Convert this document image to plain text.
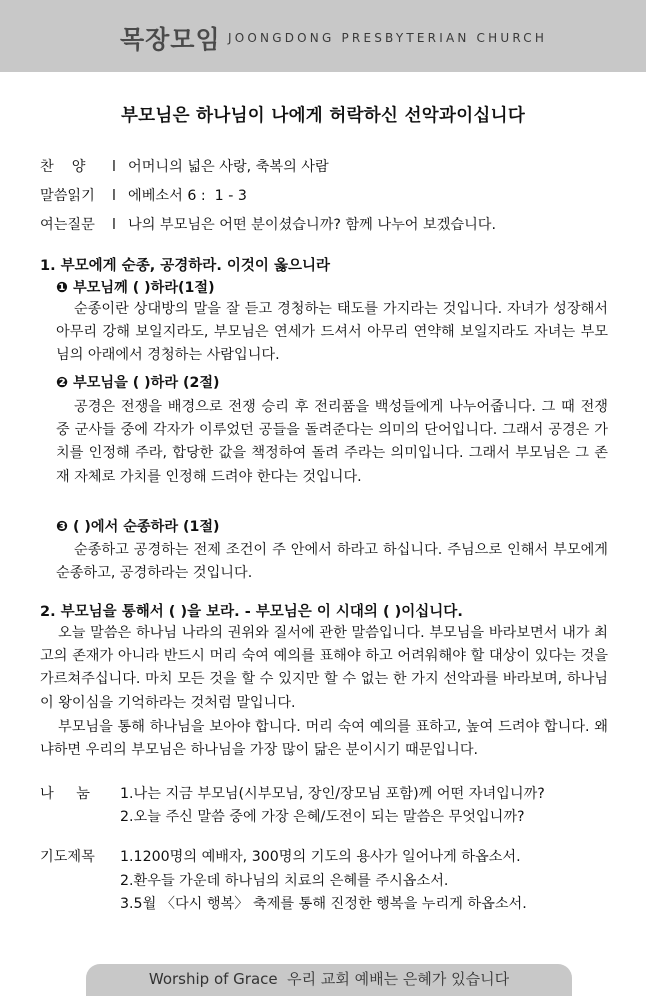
목장모임 JOONGDONG PRESBYTERIAN CHURCH
부모님은 하나님이 나에게 허락하신 선악과이십니다
찬    양 l 어머니의 넓은 사랑, 축복의 사람
말씀읽기 l 에베소서 6 :  1 - 3
여는질문 l 나의 부모님은 어떤 분이셨습니까? 함께 나누어 보겠습니다.
1. 부모에게 순종, 공경하라. 이것이 옳으니라
❶ 부모님께 ( )하라(1절)
순종이란 상대방의 말을 잘 듣고 경청하는 태도를 가지라는 것입니다. 자녀가 성장해서 아무리 강해 보일지라도, 부모님은 연세가 드셔서 아무리 연약해 보일지라도 자녀는 부모님의 아래에서 경청하는 사람입니다.
❷ 부모님을 ( )하라 (2절)
공경은 전쟁을 배경으로 전쟁 승리 후 전리품을 백성들에게 나누어줍니다. 그 때 전쟁 중 군사들 중에 각자가 이루었던 공들을 돌려준다는 의미의 단어입니다. 그래서 공경은 가치를 인정해 주라, 합당한 값을 책정하여 돌려 주라는 의미입니다. 그래서 부모님은 그 존재 자체로 가치를 인정해 드려야 한다는 것입니다.
❸ ( )에서 순종하라 (1절)
순종하고 공경하는 전제 조건이 주 안에서 하라고 하십니다. 주님으로 인해서 부모에게 순종하고, 공경하라는 것입니다.
2. 부모님을 통해서 ( )을 보라. - 부모님은 이 시대의 ( )이십니다.
오늘 말씀은 하나님 나라의 권위와 질서에 관한 말씀입니다. 부모님을 바라보면서 내가 최고의 존재가 아니라 반드시 머리 숙여 예의를 표해야 하고 어려워해야 할 대상이 있다는 것을 가르쳐주십니다. 마치 모든 것을 할 수 있지만 할 수 없는 한 가지 선악과를 바라보며, 하나님이 왕이심을 기억하라는 것처럼 말입니다.
부모님을 통해 하나님을 보아야 합니다. 머리 숙여 예의를 표하고, 높여 드려야 합니다. 왜냐하면 우리의 부모님은 하나님을 가장 많이 닮은 분이시기 때문입니다.
나     눔 1.나는 지금 부모님(시부모님, 장인/장모님 포함)께 어떤 자녀입니까?
2.오늘 주신 말씀 중에 가장 은혜/도전이 되는 말씀은 무엇입니까?
기도제목 1.1200명의 예배자, 300명의 기도의 용사가 일어나게 하옵소서.
2.환우들 가운데 하나님의 치료의 은혜를 주시옵소서.
3.5월 〈다시 행복〉 축제를 통해 진정한 행복을 누리게 하옵소서.
Worship of Grace  우리 교회 예배는 은혜가 있습니다
